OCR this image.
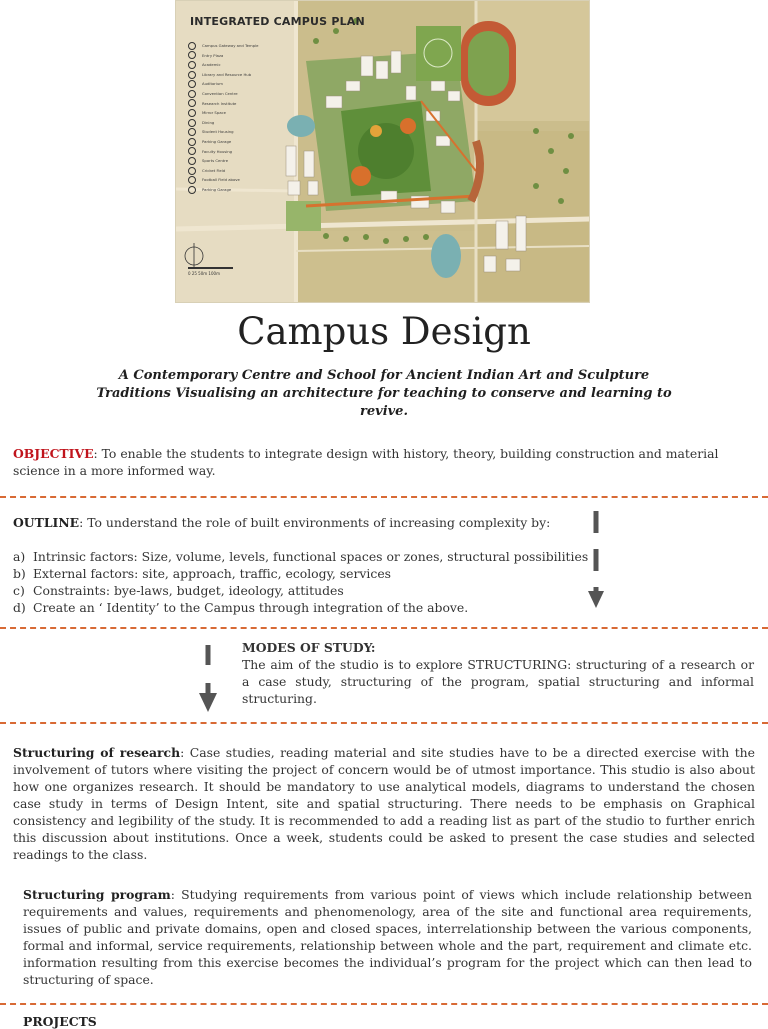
INTEGRATED CAMPUS PLAN
Campus Gateway and Temple
Entry Plaza
Academic
Library and Resource Hub
Auditorium
Convention Centre
Research Institute
Mirror Space
Dining
Student Housing
Parking Garage
Faculty Housing
Sports Centre
Cricket Field
Football Field above
Parking Garage
0 25 50m 100m
Campus Design
A Contemporary Centre and School for Ancient Indian Art and Sculpture Traditions Visualising an architecture for teaching to conserve and learning to revive.
OBJECTIVE: To enable the students to integrate design with history, theory, building construction and material science in a more informed way.
OUTLINE: To understand the role of built environments of increasing complexity by:
a) Intrinsic factors: Size, volume, levels, functional spaces or zones, structural possibilities
b) External factors: site, approach, traffic, ecology, services
c) Constraints: bye-laws, budget, ideology, attitudes
d) Create an ‘ Identity’ to the Campus through integration of the above.
MODES OF STUDY:
The aim of the studio is to explore STRUCTURING: structuring of a research or a case study, structuring of the program, spatial structuring and informal structuring.
Structuring of research: Case studies, reading material and site studies have to be a directed exercise with the involvement of tutors where visiting the project of concern would be of utmost importance. This studio is also about how one organizes research. It should be mandatory to use analytical models, diagrams to understand the chosen case study in terms of Design Intent, site and spatial structuring. There needs to be emphasis on Graphical consistency and legibility of the study. It is recommended to add a reading list as part of the studio to further enrich this discussion about institutions. Once a week, students could be asked to present the case studies and selected readings to the class.
Structuring program: Studying requirements from various point of views which include relationship between requirements and values, requirements and phenomenology, area of the site and functional area requirements, issues of public and private domains, open and closed spaces, interrelationship between the various components, formal and informal, service requirements, relationship between whole and the part, requirement and climate etc. information resulting from this exercise becomes the individual’s program for the project which can then lead to structuring of space.
PROJECTS
